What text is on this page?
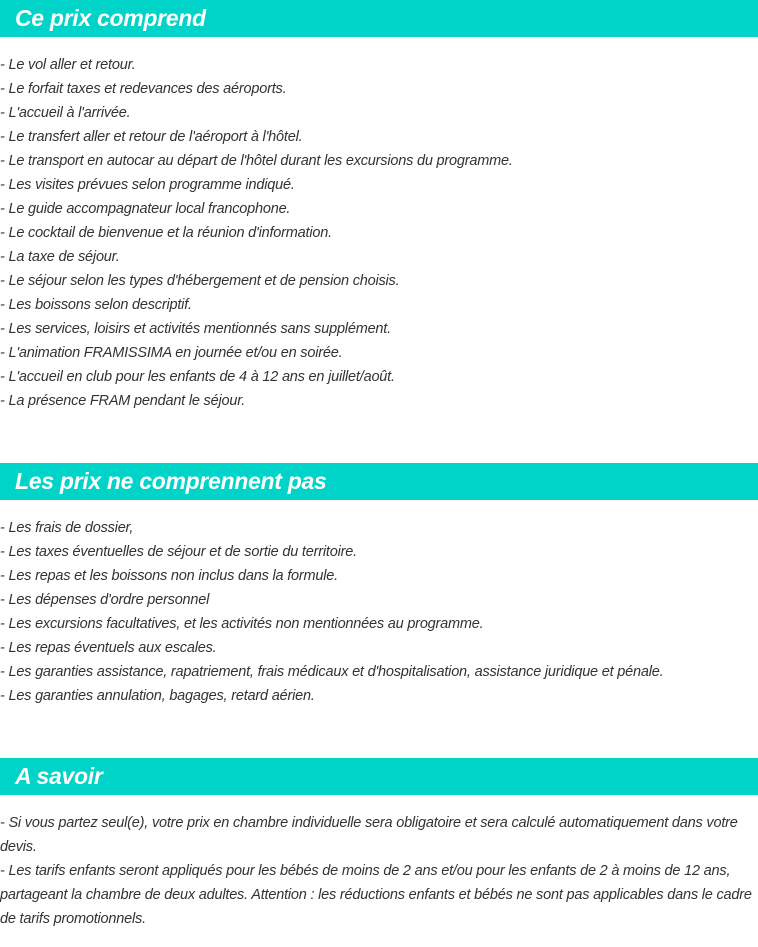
Ce prix comprend
- Le vol aller et retour.
- Le forfait taxes et redevances des aéroports.
- L'accueil à l'arrivée.
- Le transfert aller et retour de l'aéroport à l'hôtel.
- Le transport en autocar au départ de l'hôtel durant les excursions du programme.
- Les visites prévues selon programme indiqué.
- Le guide accompagnateur local francophone.
- Le cocktail de bienvenue et la réunion d'information.
- La taxe de séjour.
- Le séjour selon les types d'hébergement et de pension choisis.
- Les boissons selon descriptif.
- Les services, loisirs et activités mentionnés sans supplément.
- L'animation FRAMISSIMA en journée et/ou en soirée.
- L'accueil en club pour les enfants de 4 à 12 ans en juillet/août.
- La présence FRAM pendant le séjour.
Les prix ne comprennent pas
- Les frais de dossier,
- Les taxes éventuelles de séjour et de sortie du territoire.
- Les repas et les boissons non inclus dans la formule.
- Les dépenses d'ordre personnel
- Les excursions facultatives, et les activités non mentionnées au programme.
- Les repas éventuels aux escales.
- Les garanties assistance, rapatriement, frais médicaux et d'hospitalisation, assistance juridique et pénale.
- Les garanties annulation, bagages, retard aérien.
A savoir

- Si vous partez seul(e), votre prix en chambre individuelle sera obligatoire et sera calculé automatiquement dans votre devis.

- Les tarifs enfants seront appliqués pour les bébés de moins de 2 ans et/ou pour les enfants de 2 à moins de 12 ans, partageant la chambre de deux adultes. Attention : les réductions enfants et bébés ne sont pas applicables dans le cadre de tarifs promotionnels.
